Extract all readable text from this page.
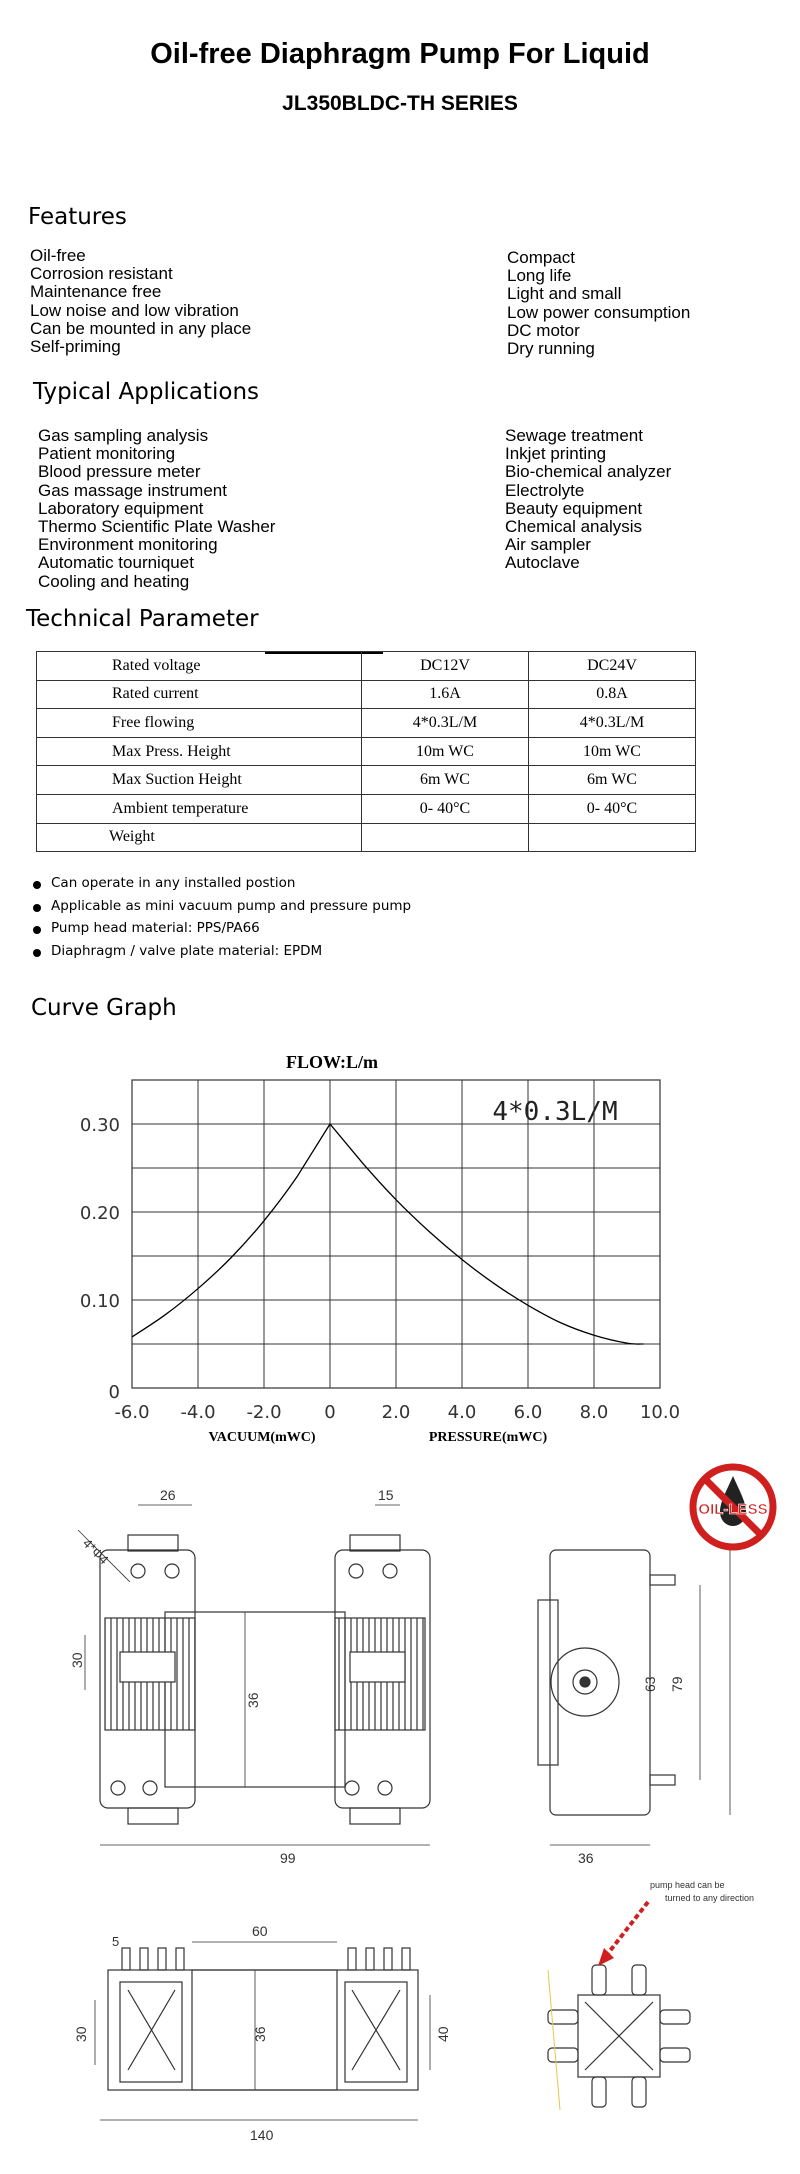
Oil-free Diaphragm Pump For Liquid
JL350BLDC-TH SERIES
Features
Oil-free
Corrosion resistant
Maintenance free
Low noise and low vibration
Can be mounted in any place
Self-priming
Compact
Long life
Light and small
Low power consumption
DC motor
Dry running
Typical Applications
Gas sampling analysis
Patient monitoring
Blood pressure meter
Gas massage instrument
Laboratory equipment
Thermo Scientific Plate Washer
Environment monitoring
Automatic tourniquet
Cooling and heating
Sewage treatment
Inkjet printing
Bio-chemical analyzer
Electrolyte
Beauty equipment
Chemical analysis
Air sampler
Autoclave
Technical Parameter
Rated voltage	DC12V	DC24V
Rated current	1.6A	0.8A
Free flowing	4*0.3L/M	4*0.3L/M
Max Press. Height	10m WC	10m WC
Max Suction Height	6m WC	6m WC
Ambient temperature	0- 40°C	0- 40°C
Weight		
Can operate in any installed postion
Applicable as mini vacuum pump and pressure pump
Pump head material: PPS/PA66
Diaphragm / valve plate material: EPDM
Curve Graph
-6.0 -4.0 -2.0 0	2.0 4.0 6.0 8.0 10.0
0
0.10
0.20
0.30
FLOW:L/m
4*0.3L/M
VACUUM(mWC)	PRESSURE(mWC)
OIL-LESS
26	15
4*Φ4
30
36
99
63 79
36
5
60
30	36	40
140
pump head can be turned to any direction
